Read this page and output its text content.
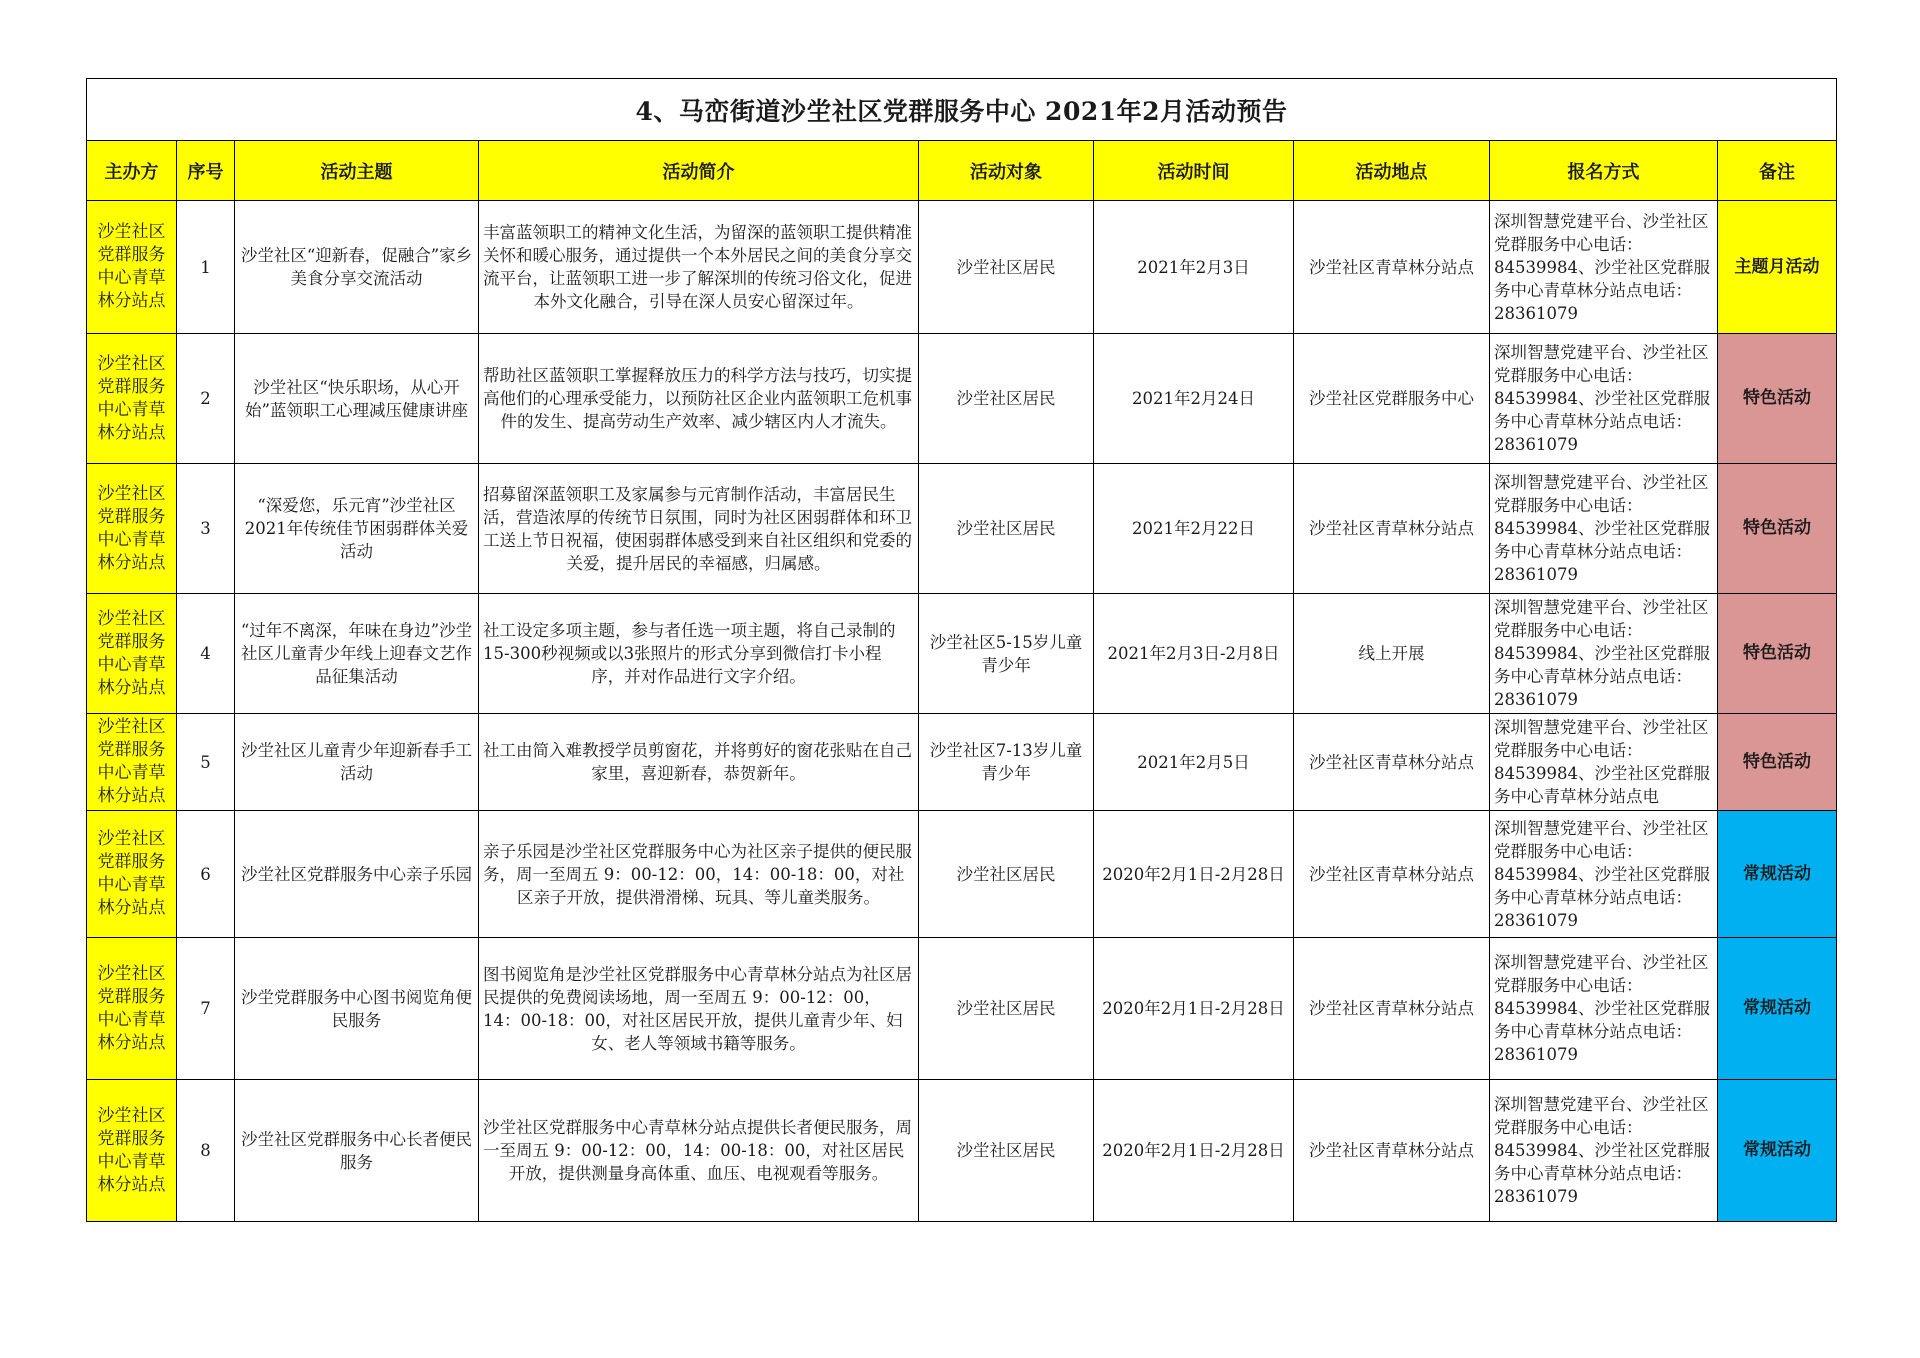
4、马峦街道沙坣社区党群服务中心 2021年2月活动预告								
主办方	序号	活动主题	活动简介	活动对象	活动时间	活动地点	报名方式	备注
沙坣社区党群服务中心青草林分站点	1	沙坣社区“迎新春，促融合”家乡美食分享交流活动	丰富蓝领职工的精神文化生活，为留深的蓝领职工提供精准关怀和暖心服务，通过提供一个本外居民之间的美食分享交流平台，让蓝领职工进一步了解深圳的传统习俗文化，促进本外文化融合，引导在深人员安心留深过年。	沙坣社区居民	2021年2月3日	沙坣社区青草林分站点	深圳智慧党建平台、沙坣社区党群服务中心电话：84539984、沙坣社区党群服务中心青草林分站点电话：28361079	主题月活动
沙坣社区党群服务中心青草林分站点	2	沙坣社区“快乐职场，从心开始”蓝领职工心理减压健康讲座	帮助社区蓝领职工掌握释放压力的科学方法与技巧，切实提高他们的心理承受能力，以预防社区企业内蓝领职工危机事件的发生、提高劳动生产效率、减少辖区内人才流失。	沙坣社区居民	2021年2月24日	沙坣社区党群服务中心	深圳智慧党建平台、沙坣社区党群服务中心电话：84539984、沙坣社区党群服务中心青草林分站点电话：28361079	特色活动
沙坣社区党群服务中心青草林分站点	3	“深爱您，乐元宵”沙坣社区2021年传统佳节困弱群体关爱活动	招募留深蓝领职工及家属参与元宵制作活动，丰富居民生活，营造浓厚的传统节日氛围，同时为社区困弱群体和环卫工送上节日祝福，使困弱群体感受到来自社区组织和党委的关爱，提升居民的幸福感，归属感。	沙坣社区居民	2021年2月22日	沙坣社区青草林分站点	深圳智慧党建平台、沙坣社区党群服务中心电话：84539984、沙坣社区党群服务中心青草林分站点电话：28361079	特色活动
沙坣社区党群服务中心青草林分站点	4	“过年不离深，年味在身边”沙坣社区儿童青少年线上迎春文艺作品征集活动	社工设定多项主题，参与者任选一项主题，将自己录制的15-300秒视频或以3张照片的形式分享到微信打卡小程序，并对作品进行文字介绍。	沙坣社区5-15岁儿童青少年	2021年2月3日-2月8日	线上开展	深圳智慧党建平台、沙坣社区党群服务中心电话：84539984、沙坣社区党群服务中心青草林分站点电话：28361079	特色活动
沙坣社区党群服务中心青草林分站点	5	沙坣社区儿童青少年迎新春手工活动	社工由简入难教授学员剪窗花，并将剪好的窗花张贴在自己家里，喜迎新春，恭贺新年。	沙坣社区7-13岁儿童青少年	2021年2月5日	沙坣社区青草林分站点	深圳智慧党建平台、沙坣社区党群服务中心电话：84539984、沙坣社区党群服务中心青草林分站点电	特色活动
沙坣社区党群服务中心青草林分站点	6	沙坣社区党群服务中心亲子乐园	亲子乐园是沙坣社区党群服务中心为社区亲子提供的便民服务，周一至周五 9：00-12：00，14：00-18：00，对社区亲子开放，提供滑滑梯、玩具、等儿童类服务。	沙坣社区居民	2020年2月1日-2月28日	沙坣社区青草林分站点	深圳智慧党建平台、沙坣社区党群服务中心电话：84539984、沙坣社区党群服务中心青草林分站点电话：28361079	常规活动
沙坣社区党群服务中心青草林分站点	7	沙坣党群服务中心图书阅览角便民服务	图书阅览角是沙坣社区党群服务中心青草林分站点为社区居民提供的免费阅读场地，周一至周五 9：00-12：00，14：00-18：00，对社区居民开放，提供儿童青少年、妇女、老人等领域书籍等服务。	沙坣社区居民	2020年2月1日-2月28日	沙坣社区青草林分站点	深圳智慧党建平台、沙坣社区党群服务中心电话：84539984、沙坣社区党群服务中心青草林分站点电话：28361079	常规活动
沙坣社区党群服务中心青草林分站点	8	沙坣社区党群服务中心长者便民服务	沙坣社区党群服务中心青草林分站点提供长者便民服务，周一至周五 9：00-12：00，14：00-18：00，对社区居民开放，提供测量身高体重、血压、电视观看等服务。	沙坣社区居民	2020年2月1日-2月28日	沙坣社区青草林分站点	深圳智慧党建平台、沙坣社区党群服务中心电话：84539984、沙坣社区党群服务中心青草林分站点电话：28361079	常规活动
